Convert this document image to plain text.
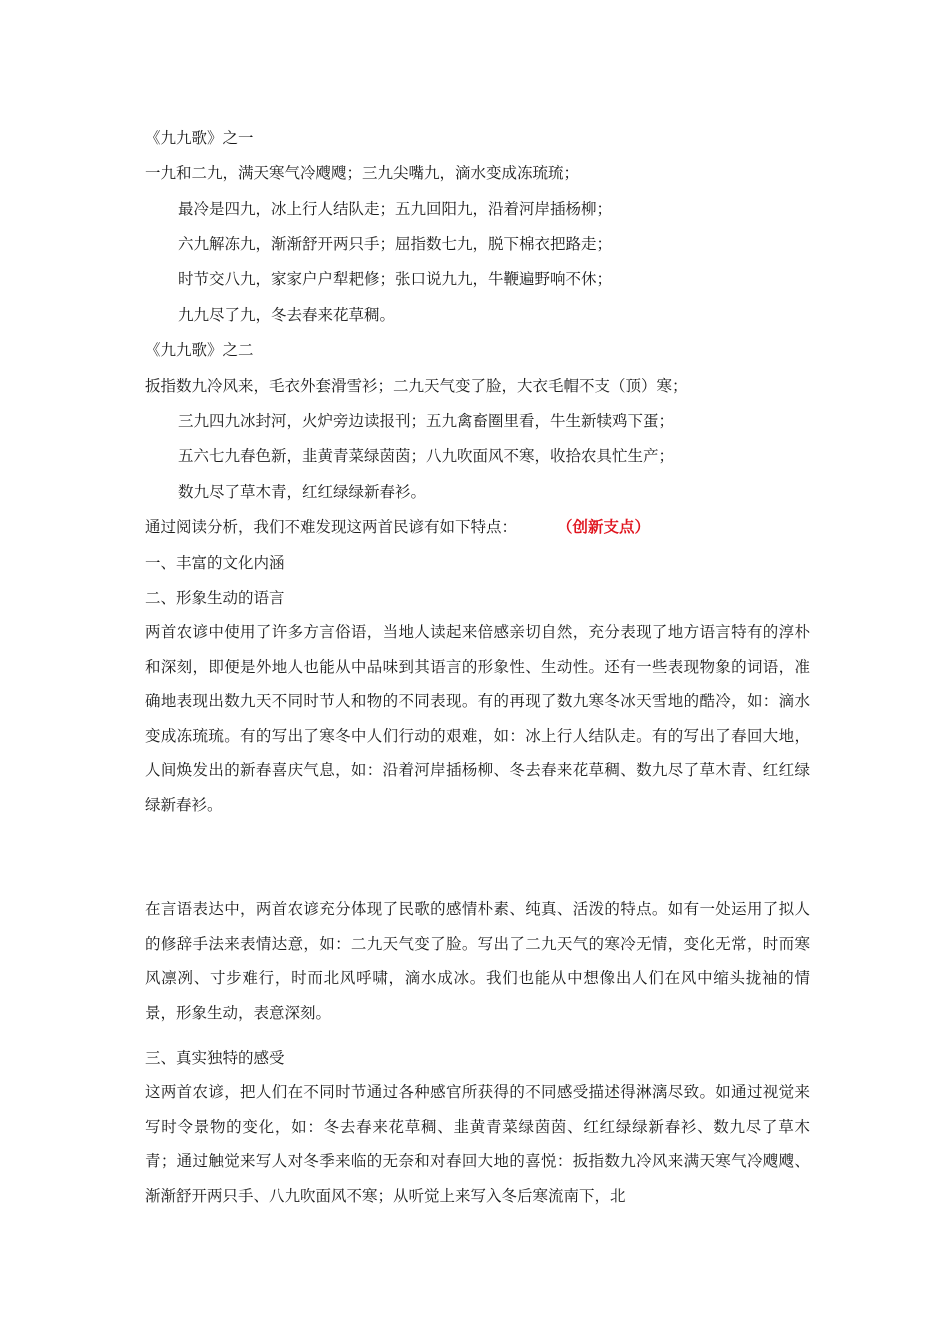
《九九歌》之一
一九和二九，满天寒气冷飕飕；三九尖嘴九，滴水变成冻琉琉；
最冷是四九，冰上行人结队走；五九回阳九，沿着河岸插杨柳；
六九解冻九，渐渐舒开两只手；屈指数七九，脱下棉衣把路走；
时节交八九，家家户户犁耙修；张口说九九，牛鞭遍野响不休；
九九尽了九，冬去春来花草稠。
《九九歌》之二
扳指数九冷风来，毛衣外套滑雪衫；二九天气变了脸，大衣毛帽不支（顶）寒；
三九四九冰封河，火炉旁边读报刊；五九禽畜圈里看，牛生新犊鸡下蛋；
五六七九春色新，韭黄青菜绿茵茵；八九吹面风不寒，收拾农具忙生产；
数九尽了草木青，红红绿绿新春衫。
通过阅读分析，我们不难发现这两首民谚有如下特点：	（创新支点）
一、丰富的文化内涵
二、形象生动的语言
两首农谚中使用了许多方言俗语，当地人读起来倍感亲切自然，充分表现了地方语言特有的淳朴和深刻，即便是外地人也能从中品味到其语言的形象性、生动性。还有一些表现物象的词语，准确地表现出数九天不同时节人和物的不同表现。有的再现了数九寒冬冰天雪地的酷冷，如：滴水变成冻琉琉。有的写出了寒冬中人们行动的艰难，如：冰上行人结队走。有的写出了春回大地，人间焕发出的新春喜庆气息，如：沿着河岸插杨柳、冬去春来花草稠、数九尽了草木青、红红绿绿新春衫。
在言语表达中，两首农谚充分体现了民歌的感情朴素、纯真、活泼的特点。如有一处运用了拟人的修辞手法来表情达意，如：二九天气变了脸。写出了二九天气的寒冷无情，变化无常，时而寒风凛冽、寸步难行，时而北风呼啸，滴水成冰。我们也能从中想像出人们在风中缩头拢袖的情景，形象生动，表意深刻。
三、真实独特的感受
这两首农谚，把人们在不同时节通过各种感官所获得的不同感受描述得淋漓尽致。如通过视觉来写时令景物的变化，如：冬去春来花草稠、韭黄青菜绿茵茵、红红绿绿新春衫、数九尽了草木青；通过触觉来写人对冬季来临的无奈和对春回大地的喜悦：扳指数九冷风来满天寒气冷飕飕、渐渐舒开两只手、八九吹面风不寒；从听觉上来写入冬后寒流南下，北
